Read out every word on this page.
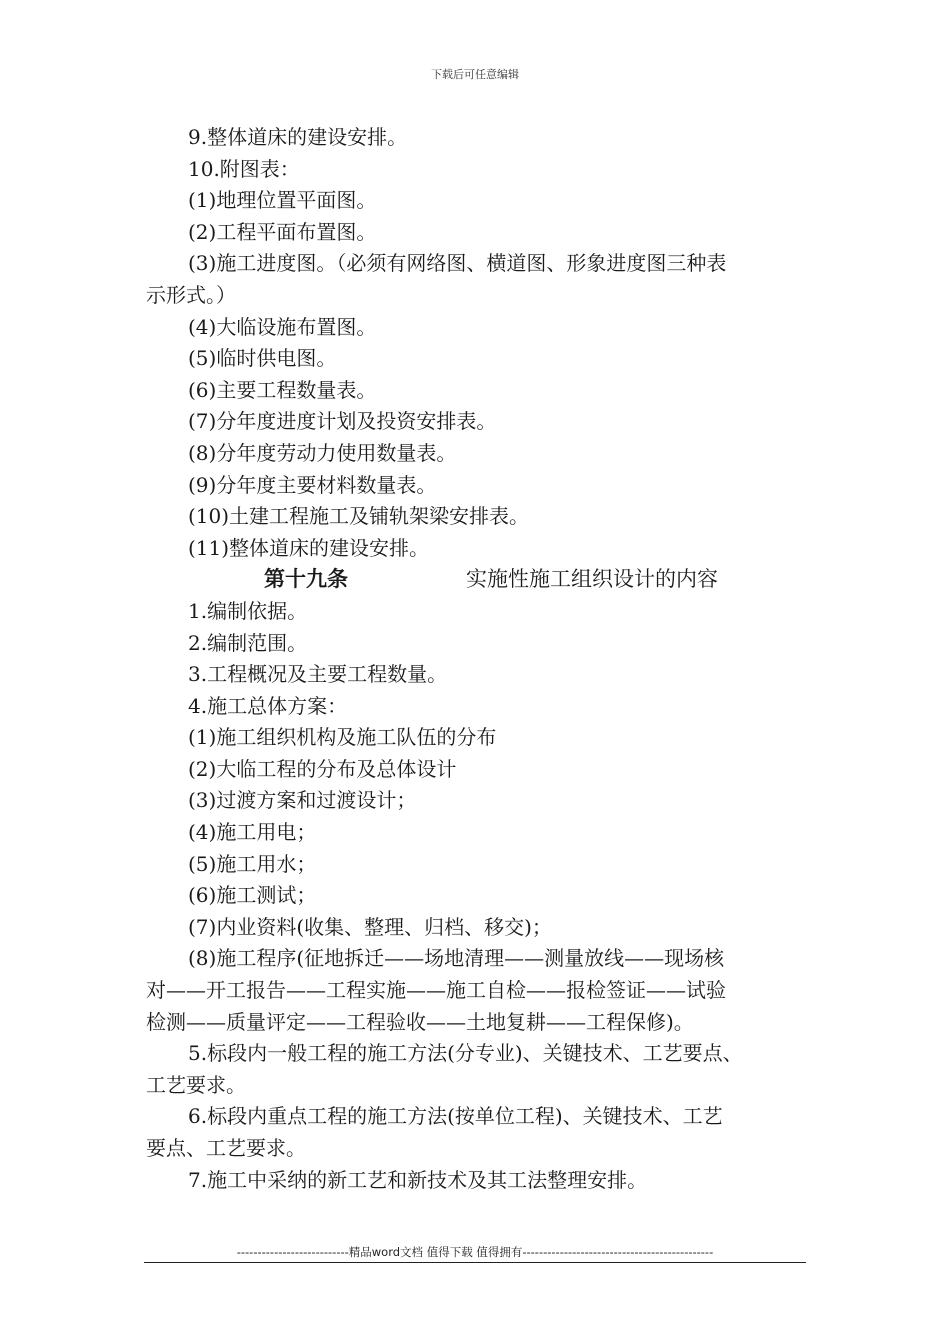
下载后可任意编辑
9.整体道床的建设安排。
10.附图表：
(1)地理位置平面图。
(2)工程平面布置图。
(3)施工进度图。（必须有网络图、横道图、形象进度图三种表
示形式。）
(4)大临设施布置图。
(5)临时供电图。
(6)主要工程数量表。
(7)分年度进度计划及投资安排表。
(8)分年度劳动力使用数量表。
(9)分年度主要材料数量表。
(10)土建工程施工及铺轨架梁安排表。
(11)整体道床的建设安排。
第十九条	实施性施工组织设计的内容
1.编制依据。
2.编制范围。
3.工程概况及主要工程数量。
4.施工总体方案：
(1)施工组织机构及施工队伍的分布
(2)大临工程的分布及总体设计
(3)过渡方案和过渡设计；
(4)施工用电；
(5)施工用水；
(6)施工测试；
(7)内业资料(收集、整理、归档、移交)；
(8)施工程序(征地拆迁——场地清理——测量放线——现场核
对——开工报告——工程实施——施工自检——报检签证——试验
检测——质量评定——工程验收——土地复耕——工程保修)。
5.标段内一般工程的施工方法(分专业)、关键技术、工艺要点、
工艺要求。
6.标段内重点工程的施工方法(按单位工程)、关键技术、工艺
要点、工艺要求。
7.施工中采纳的新工艺和新技术及其工法整理安排。
---------------------------精品word文档 值得下载 值得拥有----------------------------------------------
